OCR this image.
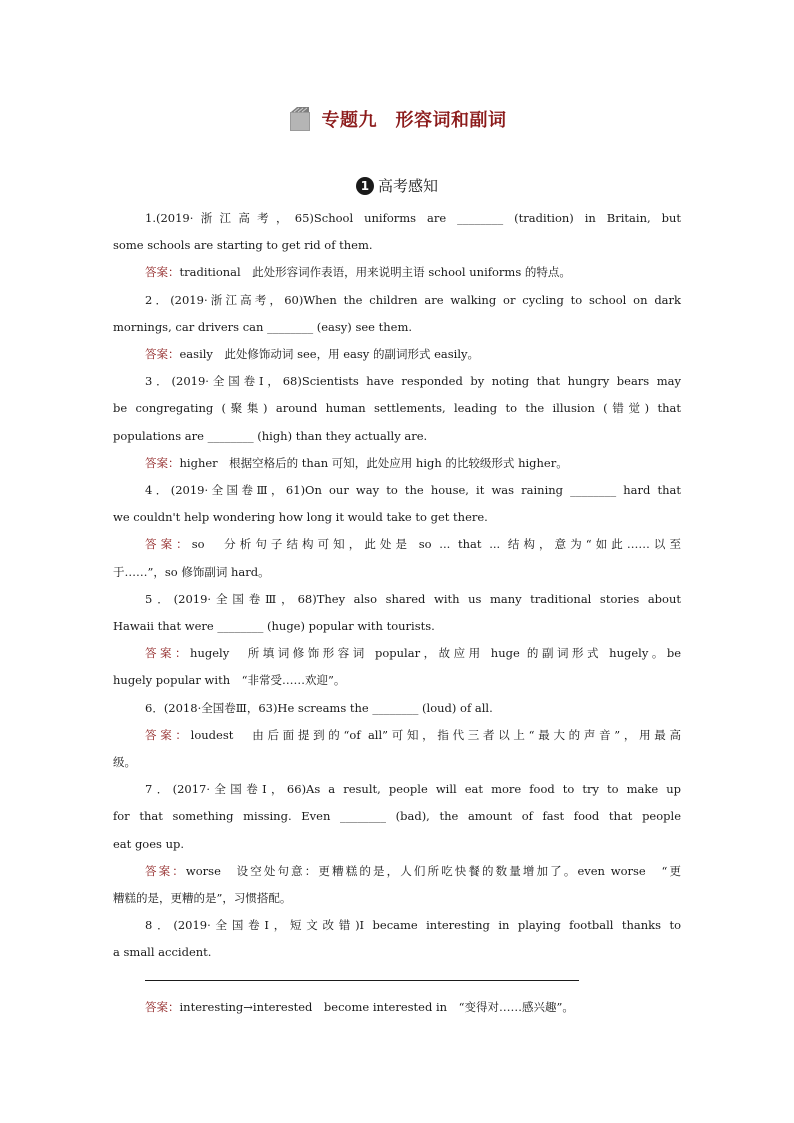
专题九　形容词和副词
1 高考感知
1.(2019·浙江高考，65)School uniforms are ________ (tradition) in Britain, but
some schools are starting to get rid of them.
答案：traditional　此处形容词作表语，用来说明主语 school uniforms 的特点。
2．(2019·浙江高考，60)When the children are walking or cycling to school on dark
mornings, car drivers can ________ (easy) see them.
答案：easily　此处修饰动词 see，用 easy 的副词形式 easily。
3．(2019·全国卷Ⅰ，68)Scientists have responded by noting that hungry bears may
be congregating (聚集) around human settlements, leading to the illusion (错觉) that
populations are ________ (high) than they actually are.
答案：higher　根据空格后的 than 可知，此处应用 high 的比较级形式 higher。
4．(2019·全国卷Ⅲ，61)On our way to the house, it was raining ________ hard that
we couldn't help wondering how long it would take to get there.
答案：so　分析句子结构可知，此处是 so ... that ... 结构，意为“如此……以至
于……”，so 修饰副词 hard。
5．(2019·全国卷Ⅲ，68)They also shared with us many traditional stories about
Hawaii that were ________ (huge) popular with tourists.
答案：hugely　所填词修饰形容词 popular，故应用 huge 的副词形式 hugely。be
hugely popular with　“非常受……欢迎”。
6．(2018·全国卷Ⅲ，63)He screams the ________ (loud) of all.
答案：loudest　由后面提到的“of all”可知，指代三者以上“最大的声音”，用最高
级。
7．(2017·全国卷Ⅰ，66)As a result, people will eat more food to try to make up
for that something missing. Even ________ (bad), the amount of fast food that people
eat goes up.
答案：worse　设空处句意：更糟糕的是，人们所吃快餐的数量增加了。even worse　“更
糟糕的是，更糟的是”，习惯搭配。
8．(2019·全国卷Ⅰ，短文改错)I became interesting in playing football thanks to
a small accident.
答案：interesting→interested　become interested in　“变得对……感兴趣”。
